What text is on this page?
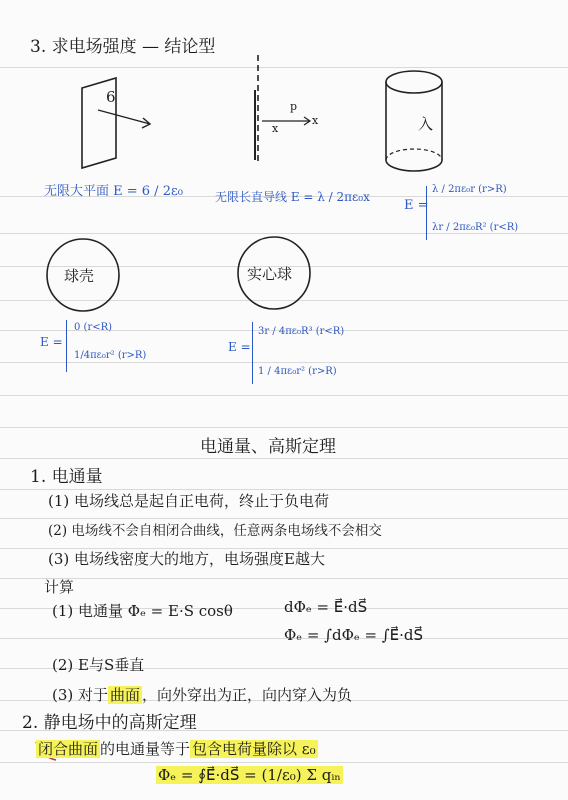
3. 求电场强度 — 结论型
6
p
x
x	入
球壳	实心球
无限大平面 E = 6 / 2ε₀	无限长直导线 E = λ / 2πε₀x
E =
λ / 2πε₀r (r>R)
λr / 2πε₀R² (r<R)
E =
0 (r<R)
1/4πε₀r² (r>R)
E =
3r / 4πε₀R³ (r<R)
1 / 4πε₀r² (r>R)
电通量、高斯定理
1. 电通量
(1) 电场线总是起自正电荷，终止于负电荷
(2) 电场线不会自相闭合曲线，任意两条电场线不会相交
(3) 电场线密度大的地方，电场强度E越大
计算
(1) 电通量 Φₑ = E·S cosθ	dΦₑ = E⃗·dS⃗
Φₑ = ∫dΦₑ = ∫E⃗·dS⃗
(2) E与S垂直
(3) 对于 曲面 ，向外穿出为正，向内穿入为负
2. 静电场中的高斯定理
闭合曲面 的电通量等于 包含电荷量除以 ε₀
Φₑ = ∮E⃗·dS⃗ = (1/ε₀) Σ qᵢₙ
